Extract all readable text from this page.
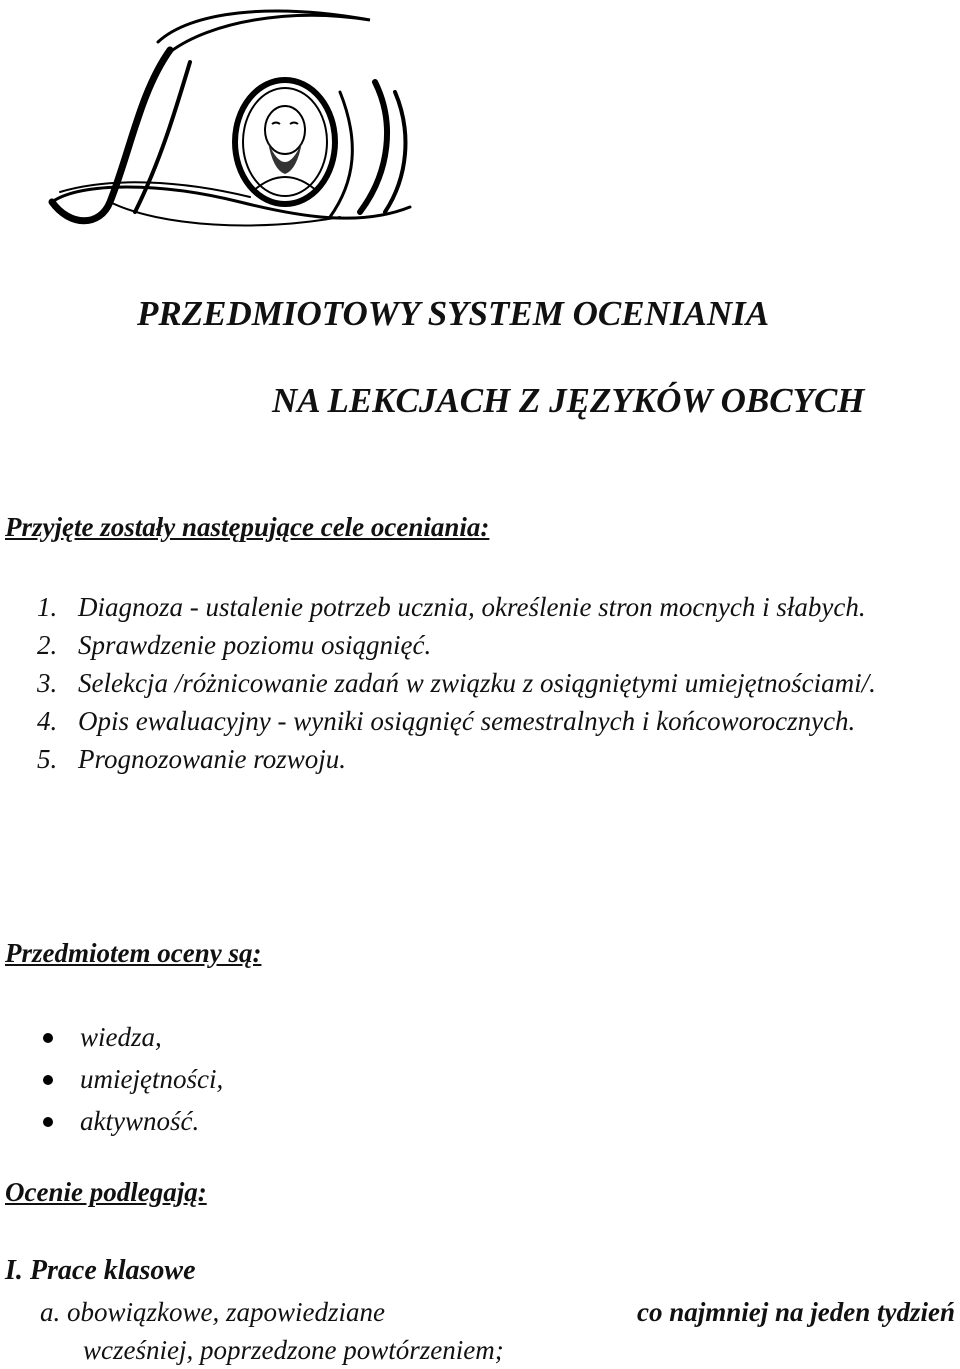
LO
PRZEDMIOTOWY SYSTEM OCENIANIA
NA LEKCJACH Z JĘZYKÓW OBCYCH
Przyjęte zostały następujące cele oceniania:
1. Diagnoza - ustalenie potrzeb ucznia, określenie stron mocnych i słabych.
2. Sprawdzenie poziomu osiągnięć.
3. Selekcja /różnicowanie zadań w związku z osiągniętymi umiejętnościami/.
4. Opis ewaluacyjny - wyniki osiągnięć semestralnych i końcoworocznych.
5. Prognozowanie rozwoju.
Przedmiotem oceny są:
wiedza,
umiejętności,
aktywność.
Ocenie podlegają:
I. Prace klasowe
a. obowiązkowe, zapowiedziane	co najmniej na jeden tydzień
wcześniej, poprzedzone powtórzeniem;
